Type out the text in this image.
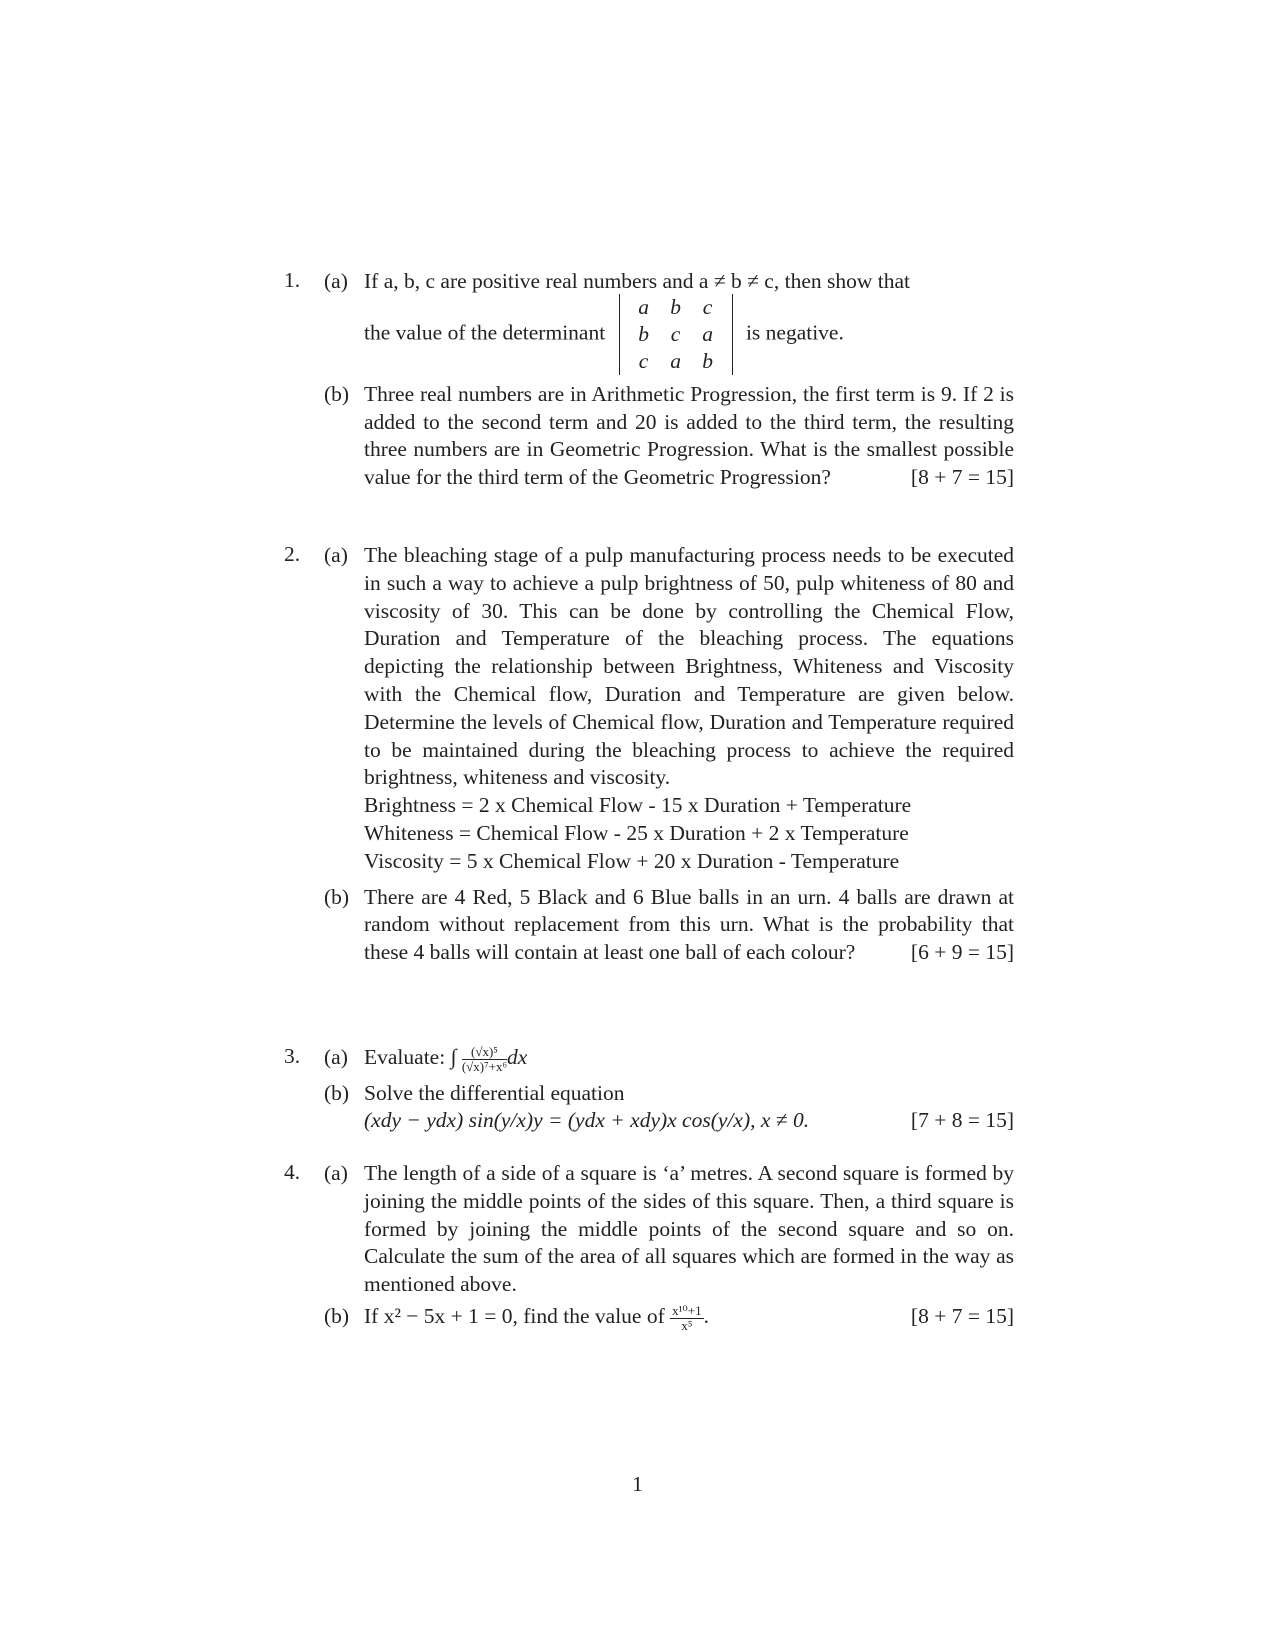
1. (a) If a, b, c are positive real numbers and a ≠ b ≠ c, then show that
the value of the determinant
a	b	c
b	c	a
c	a	b
is negative.
(b) Three real numbers are in Arithmetic Progression, the first term is 9. If 2 is added to the second term and 20 is added to the third term, the resulting three numbers are in Geometric Progression. What is the smallest possible value for the third term of the Geometric Progression?	[8 + 7 = 15]
2. (a) The bleaching stage of a pulp manufacturing process needs to be executed in such a way to achieve a pulp brightness of 50, pulp whiteness of 80 and viscosity of 30. This can be done by controlling the Chemical Flow, Duration and Temperature of the bleaching process. The equations depicting the relationship between Brightness, Whiteness and Viscosity with the Chemical flow, Duration and Temperature are given below. Determine the levels of Chemical flow, Duration and Temperature required to be maintained during the bleaching process to achieve the required brightness, whiteness and viscosity.
Brightness = 2 x Chemical Flow - 15 x Duration + Temperature
Whiteness = Chemical Flow - 25 x Duration + 2 x Temperature
Viscosity = 5 x Chemical Flow + 20 x Duration - Temperature
(b) There are 4 Red, 5 Black and 6 Blue balls in an urn. 4 balls are drawn at random without replacement from this urn. What is the probability that these 4 balls will contain at least one ball of each colour?	[6 + 9 = 15]
3. (a) Evaluate: ∫ $\frac{\text{(√x)⁵}}{\text{(√x)⁷+x⁶}}$ dx
(b) Solve the differential equation
(xdy − ydx) sin(y/x)y = (ydx + xdy)x cos(y/x), x ≠ 0.	[7 + 8 = 15]
4. (a) The length of a side of a square is ‘a’ metres. A second square is formed by joining the middle points of the sides of this square. Then, a third square is formed by joining the middle points of the second square and so on. Calculate the sum of the area of all squares which are formed in the way as mentioned above.
(b) If x² − 5x + 1 = 0, find the value of $\frac{\text{x¹⁰+1}}{\text{x⁵}}$ .	[8 + 7 = 15]
1
